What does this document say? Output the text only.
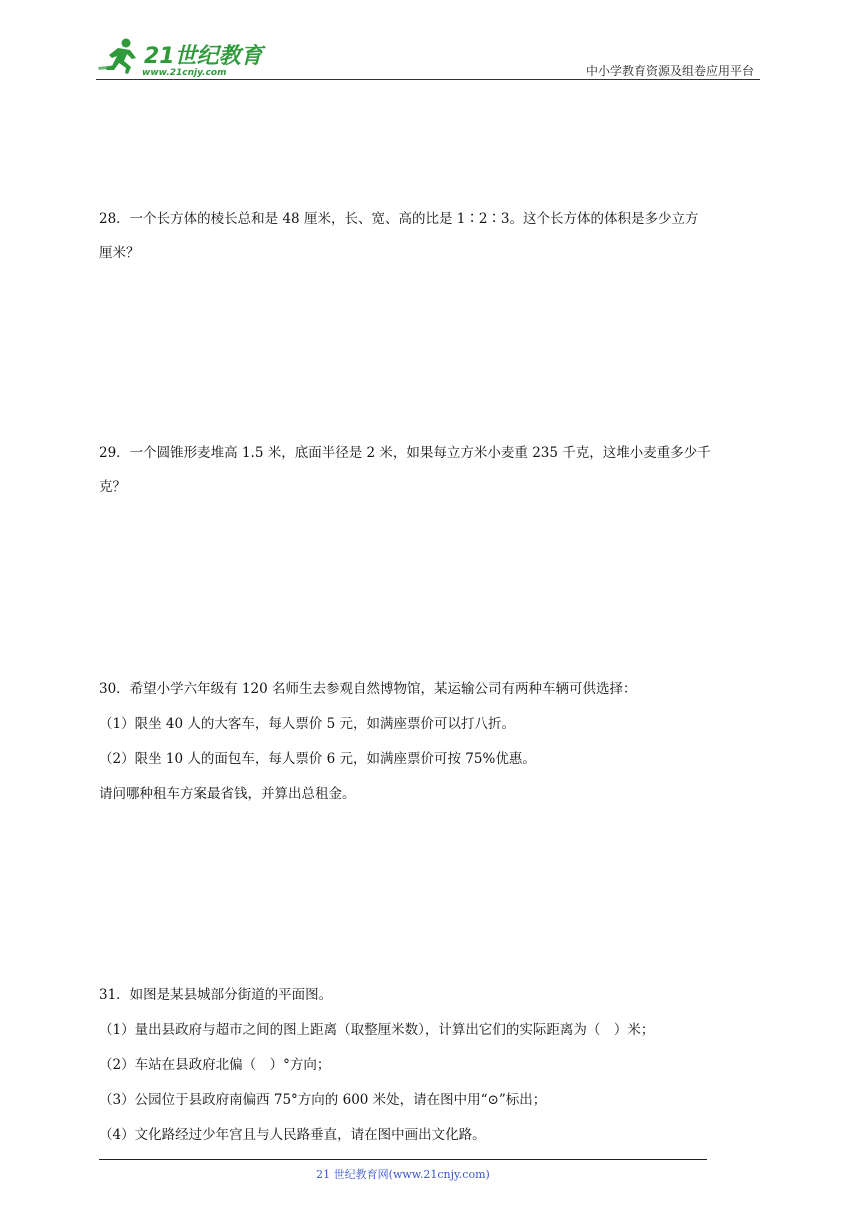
21世纪教育
www.21cnjy.com	中小学教育资源及组卷应用平台

28．一个长方体的棱长总和是 48 厘米，长、宽、高的比是 1∶2∶3。这个长方体的体积是多少立方

厘米？

29．一个圆锥形麦堆高 1.5 米，底面半径是 2 米，如果每立方米小麦重 235 千克，这堆小麦重多少千

克？

30．希望小学六年级有 120 名师生去参观自然博物馆，某运输公司有两种车辆可供选择：

（1）限坐 40 人的大客车，每人票价 5 元，如满座票价可以打八折。

（2）限坐 10 人的面包车，每人票价 6 元，如满座票价可按 75%优惠。

请问哪种租车方案最省钱，并算出总租金。

31．如图是某县城部分街道的平面图。

（1）量出县政府与超市之间的图上距离（取整厘米数），计算出它们的实际距离为（　）米；

（2）车站在县政府北偏（　）°方向；

（3）公园位于县政府南偏西 75°方向的 600 米处，请在图中用“⊙”标出；

（4）文化路经过少年宫且与人民路垂直，请在图中画出文化路。

21 世纪教育网(www.21cnjy.com)
